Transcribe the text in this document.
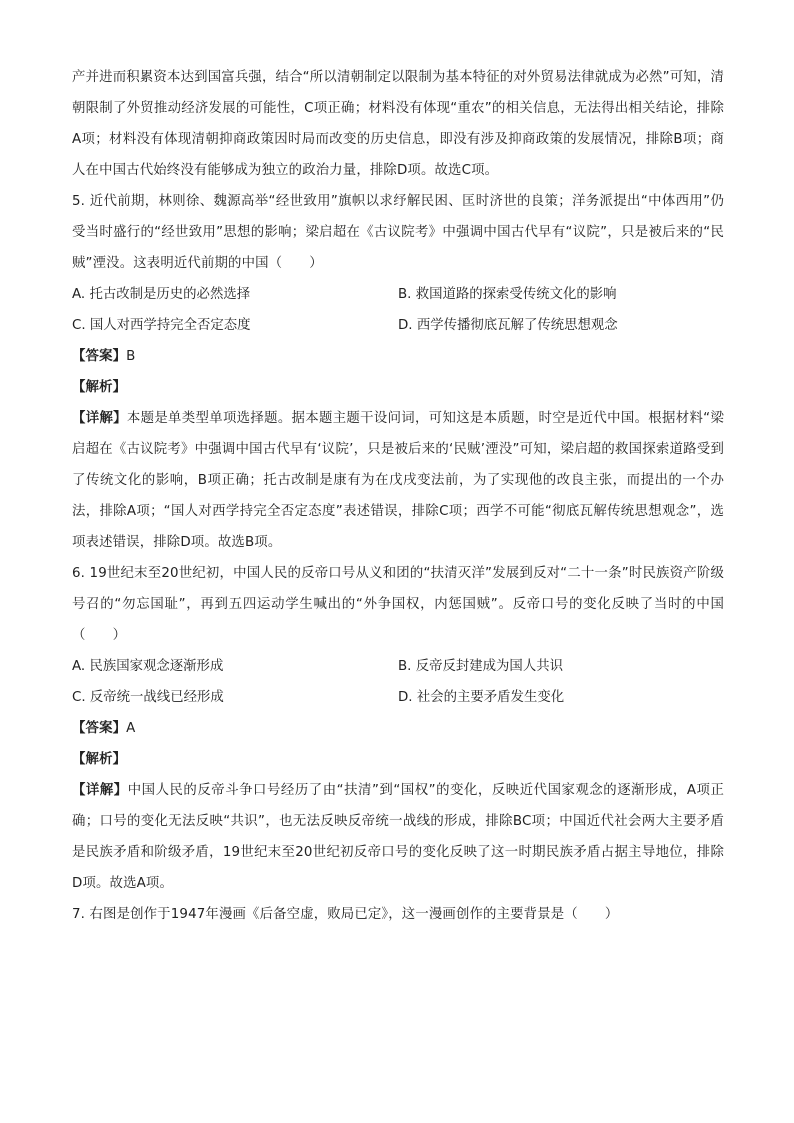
产并进而积累资本达到国富兵强，结合“所以清朝制定以限制为基本特征的对外贸易法律就成为必然”可知，清朝限制了外贸推动经济发展的可能性，C项正确；材料没有体现“重农”的相关信息，无法得出相关结论，排除A项；材料没有体现清朝抑商政策因时局而改变的历史信息，即没有涉及抑商政策的发展情况，排除B项；商人在中国古代始终没有能够成为独立的政治力量，排除D项。故选C项。

5. 近代前期，林则徐、魏源高举“经世致用”旗帜以求纾解民困、匡时济世的良策；洋务派提出“中体西用”仍受当时盛行的“经世致用”思想的影响；梁启超在《古议院考》中强调中国古代早有“议院”，只是被后来的“民贼”湮没。这表明近代前期的中国（　　）

A. 托古改制是历史的必然选择	B. 救国道路的探索受传统文化的影响
C. 国人对西学持完全否定态度	D. 西学传播彻底瓦解了传统思想观念

【答案】B

【解析】

【详解】本题是单类型单项选择题。据本题主题干设问词，可知这是本质题，时空是近代中国。根据材料“梁启超在《古议院考》中强调中国古代早有‘议院’，只是被后来的‘民贼’湮没”可知，梁启超的救国探索道路受到了传统文化的影响，B项正确；托古改制是康有为在戊戌变法前，为了实现他的改良主张，而提出的一个办法，排除A项；“国人对西学持完全否定态度”表述错误，排除C项；西学不可能“彻底瓦解传统思想观念”，选项表述错误，排除D项。故选B项。

6. 19世纪末至20世纪初，中国人民的反帝口号从义和团的“扶清灭洋”发展到反对“二十一条”时民族资产阶级号召的“勿忘国耻”，再到五四运动学生喊出的“外争国权，内惩国贼”。反帝口号的变化反映了当时的中国（　　）

A. 民族国家观念逐渐形成	B. 反帝反封建成为国人共识
C. 反帝统一战线已经形成	D. 社会的主要矛盾发生变化

【答案】A

【解析】

【详解】中国人民的反帝斗争口号经历了由“扶清”到“国权”的变化，反映近代国家观念的逐渐形成，A项正确；口号的变化无法反映“共识”，也无法反映反帝统一战线的形成，排除BC项；中国近代社会两大主要矛盾是民族矛盾和阶级矛盾，19世纪末至20世纪初反帝口号的变化反映了这一时期民族矛盾占据主导地位，排除D项。故选A项。

7. 右图是创作于1947年漫画《后备空虚，败局已定》，这一漫画创作的主要背景是（　　）
